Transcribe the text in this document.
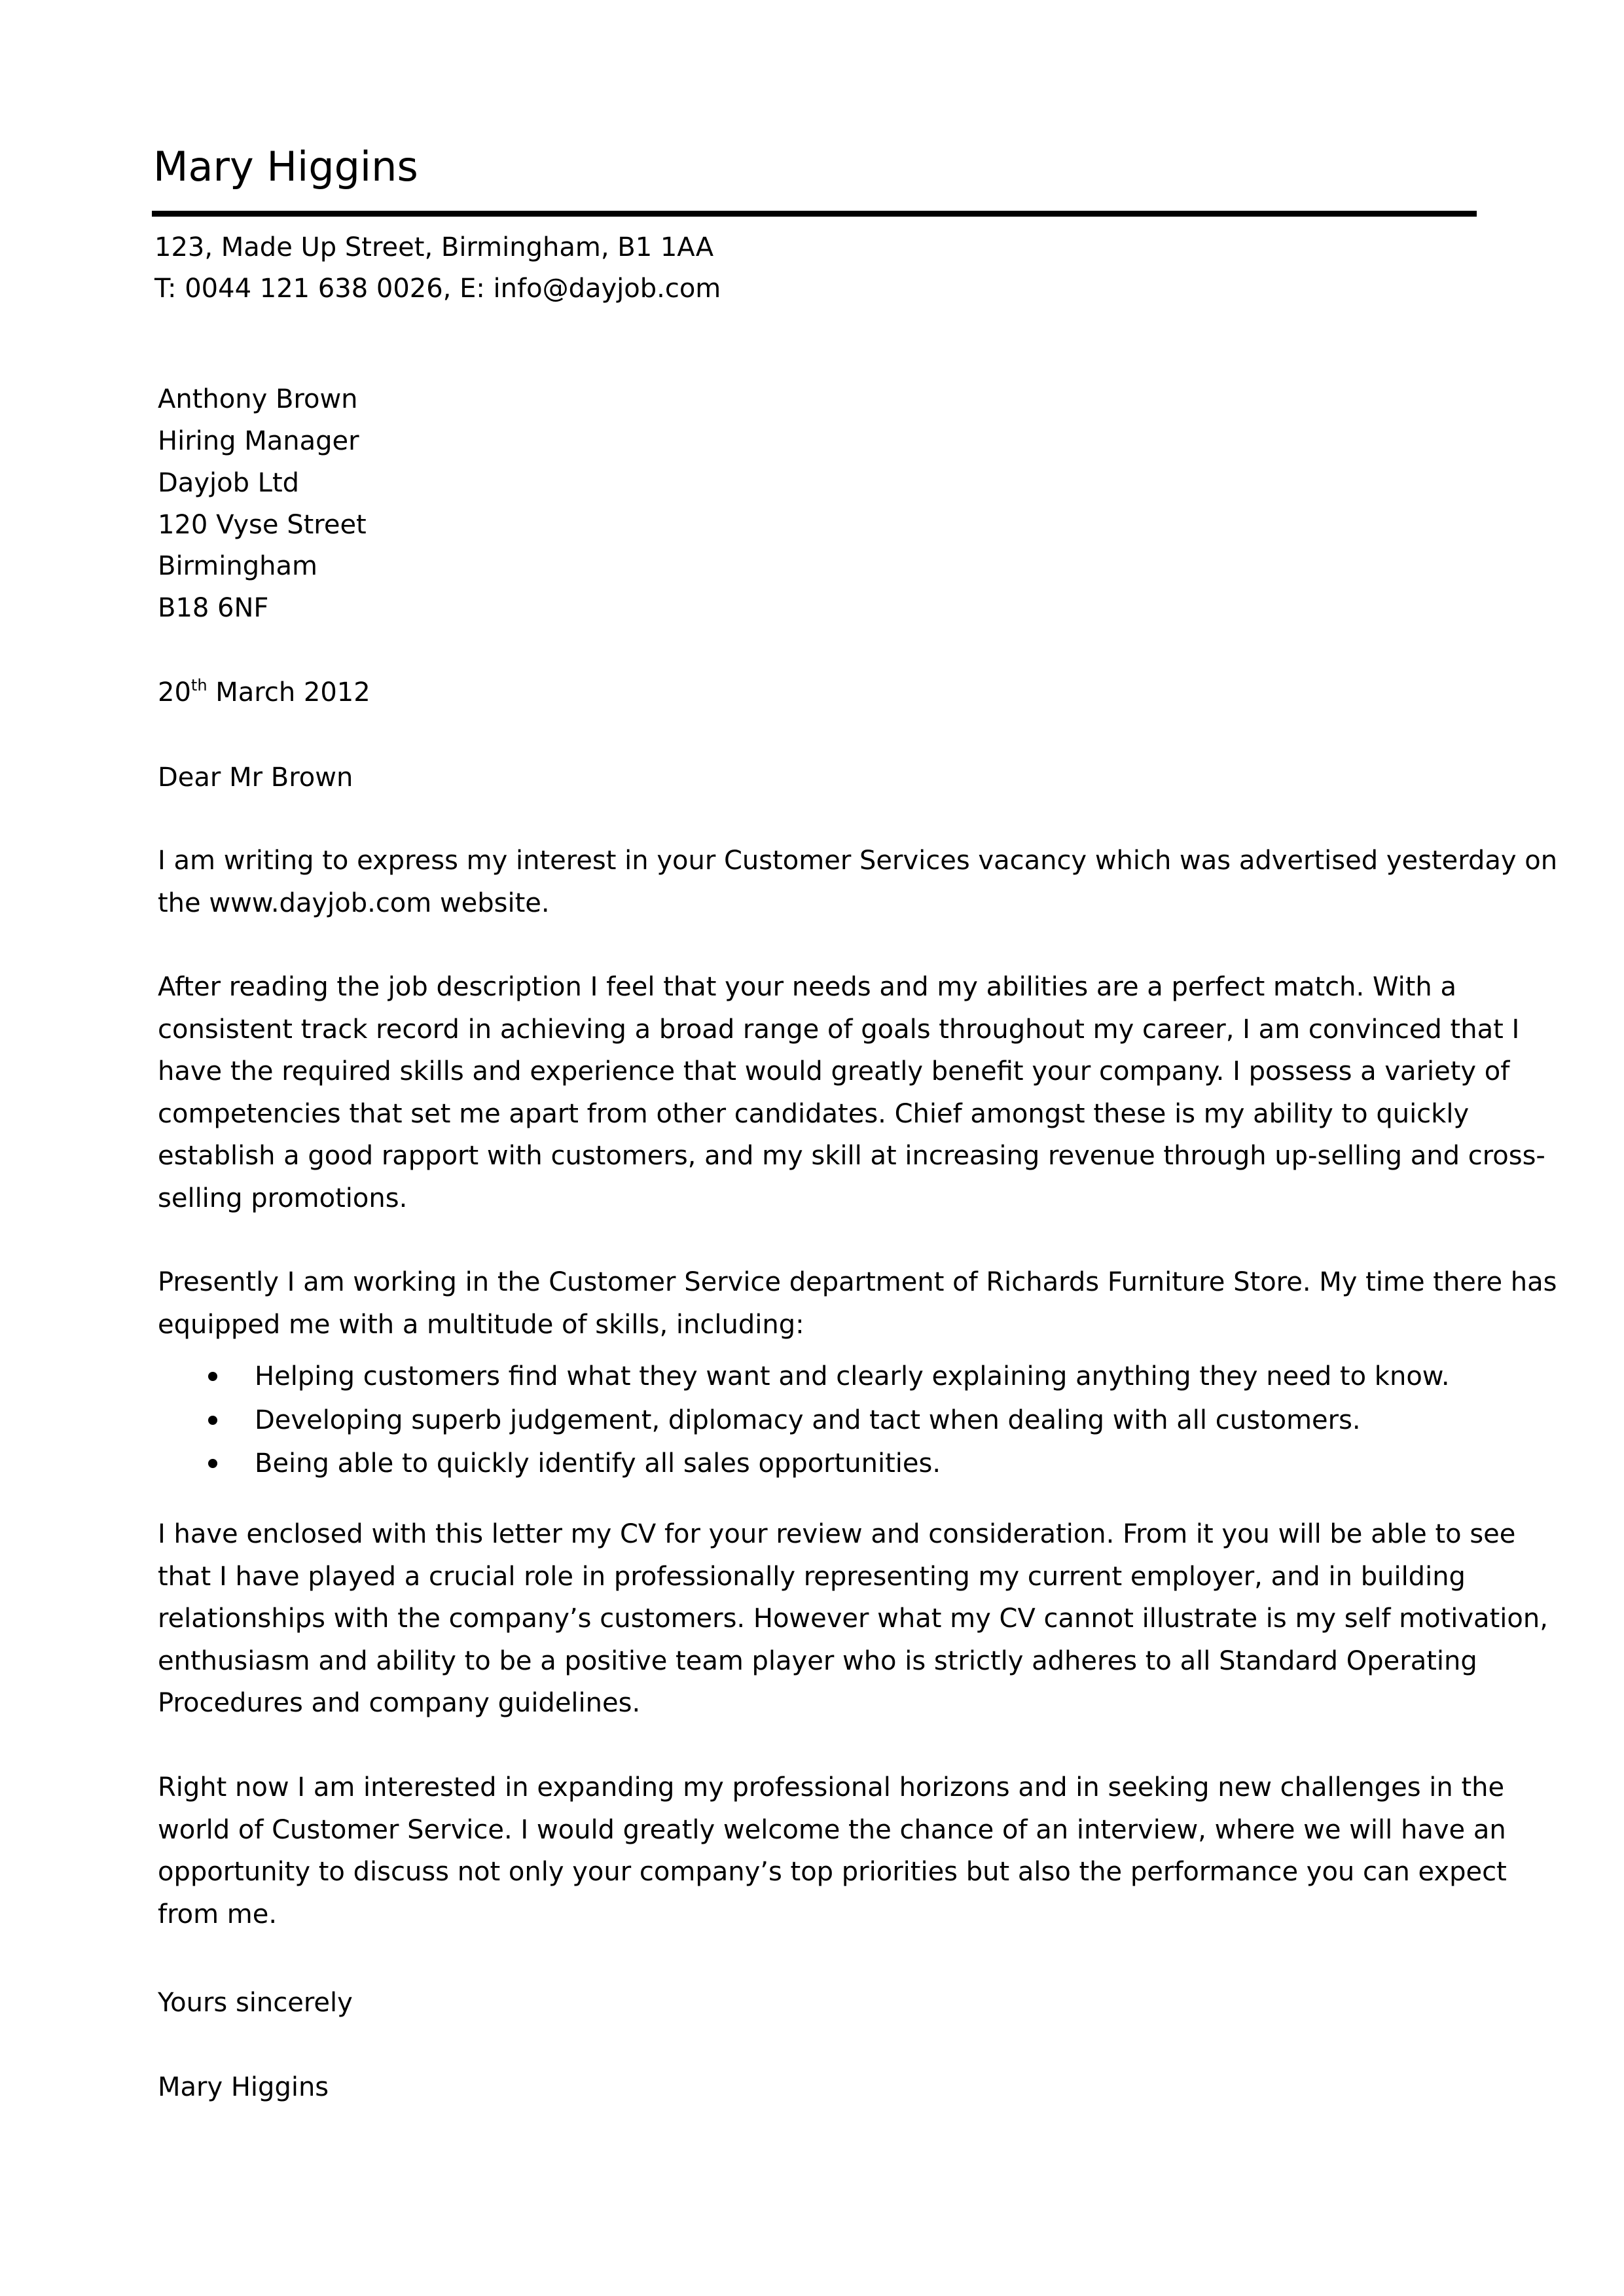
Mary Higgins
123, Made Up Street, Birmingham, B1 1AA
T: 0044 121 638 0026, E: info@dayjob.com
Anthony Brown
Hiring Manager
Dayjob Ltd
120 Vyse Street
Birmingham
B18 6NF
20th March 2012
Dear Mr Brown
I am writing to express my interest in your Customer Services vacancy which was advertised yesterday on
the www.dayjob.com website.
After reading the job description I feel that your needs and my abilities are a perfect match. With a
consistent track record in achieving a broad range of goals throughout my career, I am convinced that I
have the required skills and experience that would greatly benefit your company. I possess a variety of
competencies that set me apart from other candidates. Chief amongst these is my ability to quickly
establish a good rapport with customers, and my skill at increasing revenue through up-selling and cross-
selling promotions.
Presently I am working in the Customer Service department of Richards Furniture Store. My time there has
equipped me with a multitude of skills, including:
Helping customers find what they want and clearly explaining anything they need to know.
Developing superb judgement, diplomacy and tact when dealing with all customers.
Being able to quickly identify all sales opportunities.
I have enclosed with this letter my CV for your review and consideration. From it you will be able to see
that I have played a crucial role in professionally representing my current employer, and in building
relationships with the company’s customers. However what my CV cannot illustrate is my self motivation,
enthusiasm and ability to be a positive team player who is strictly adheres to all Standard Operating
Procedures and company guidelines.
Right now I am interested in expanding my professional horizons and in seeking new challenges in the
world of Customer Service. I would greatly welcome the chance of an interview, where we will have an
opportunity to discuss not only your company’s top priorities but also the performance you can expect
from me.
Yours sincerely
Mary Higgins
